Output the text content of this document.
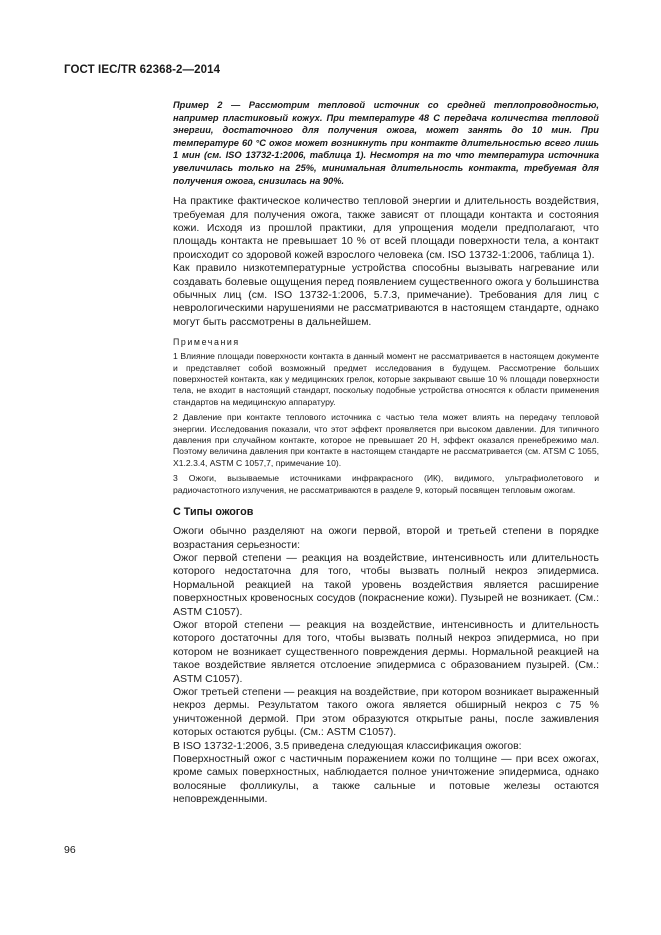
ГОСТ IEC/TR 62368-2—2014

Пример 2 — Рассмотрим тепловой источник со средней теплопроводностью, например пластиковый кожух. При температуре 48 С передача количества тепловой энергии, достаточного для получения ожога, может занять до 10 мин. При температуре 60 °С ожог может возникнуть при контакте длительностью всего лишь 1 мин (см. ISO 13732-1:2006, таблица 1). Несмотря на то что температура источника увеличилась только на 25%, минимальная длительность контакта, требуемая для получения ожога, снизилась на 90%.

На практике фактическое количество тепловой энергии и длительность воздействия, требуемая для получения ожога, также зависят от площади контакта и состояния кожи. Исходя из прошлой практики, для упрощения модели предполагают, что площадь контакта не превышает 10 % от всей площади поверхности тела, а контакт происходит со здоровой кожей взрослого человека (см. ISO 13732-1:2006, таблица 1).

Как правило низкотемпературные устройства способны вызывать нагревание или создавать болевые ощущения перед появлением существенного ожога у большинства обычных лиц (см. ISO 13732-1:2006, 5.7.3, примечание). Требования для лиц с неврологическими нарушениями не рассматриваются в настоящем стандарте, однако могут быть рассмотрены в дальнейшем.

Примечания

1 Влияние площади поверхности контакта в данный момент не рассматривается в настоящем документе и представляет собой возможный предмет исследования в будущем. Рассмотрение больших поверхностей контакта, как у медицинских грелок, которые закрывают свыше 10 % площади поверхности тела, не входит в настоящий стандарт, поскольку подобные устройства относятся к области применения стандартов на медицинскую аппаратуру.

2 Давление при контакте теплового источника с частью тела может влиять на передачу тепловой энергии. Исследования показали, что этот эффект проявляется при высоком давлении. Для типичного давления при случайном контакте, которое не превышает 20 Н, эффект оказался пренебрежимо мал. Поэтому величина давления при контакте в настоящем стандарте не рассматривается (см. ATSM С 1055, Х1.2.3.4, ASTM С 1057,7, примечание 10).

3 Ожоги, вызываемые источниками инфракрасного (ИК), видимого, ультрафиолетового и радиочастотного излучения, не рассматриваются в разделе 9, который посвящен тепловым ожогам.

С Типы ожогов

Ожоги обычно разделяют на ожоги первой, второй и третьей степени в порядке возрастания серьезности:

Ожог первой степени — реакция на воздействие, интенсивность или длительность которого недостаточна для того, чтобы вызвать полный некроз эпидермиса. Нормальной реакцией на такой уровень воздействия является расширение поверхностных кровеносных сосудов (покраснение кожи). Пузырей не возникает. (См.: ASTM C1057).

Ожог второй степени — реакция на воздействие, интенсивность и длительность которого достаточны для того, чтобы вызвать полный некроз эпидермиса, но при котором не возникает существенного повреждения дермы. Нормальной реакцией на такое воздействие является отслоение эпидермиса с образованием пузырей. (См.: ASTM C1057).

Ожог третьей степени — реакция на воздействие, при котором возникает выраженный некроз дермы. Результатом такого ожога является обширный некроз с 75 % уничтоженной дермой. При этом образуются открытые раны, после заживления которых остаются рубцы. (См.: ASTM C1057).

В ISO 13732-1:2006, 3.5 приведена следующая классификация ожогов:

Поверхностный ожог с частичным поражением кожи по толщине — при всех ожогах, кроме самых поверхностных, наблюдается полное уничтожение эпидермиса, однако волосяные фолликулы, а также сальные и потовые железы остаются неповрежденными.

96
